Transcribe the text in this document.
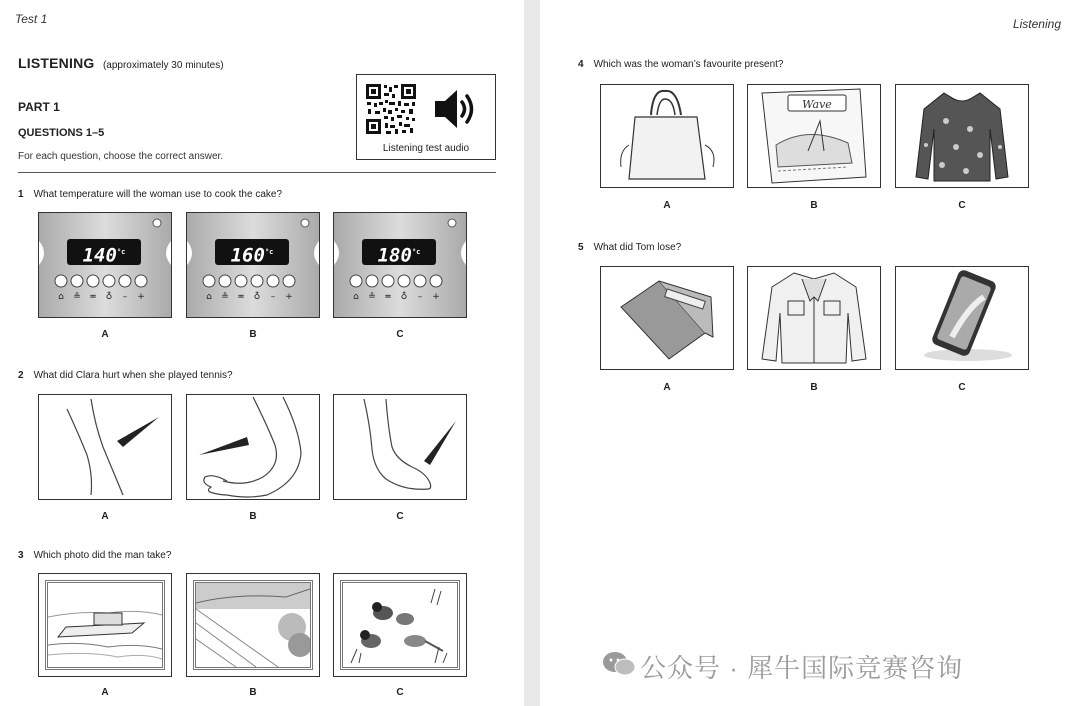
Test 1
LISTENING (approximately 30 minutes)
PART 1
QUESTIONS 1–5
For each question, choose the correct answer.
Listening test audio
1 What temperature will the woman use to cook the cake?
⌂ ≗ ≖ ♁ – +
$140^{^\circ c}$
⌂ ≗ ≖ ♁ – +
$160^{^\circ c}$
⌂ ≗ ≖ ♁ – +
$180^{^\circ c}$
A	B	C
2 What did Clara hurt when she played tennis?
A	B	C
3 Which photo did the man take?
A	B	C
Listening
4 Which was the woman’s favourite present?
Wave
A	B	C
5 What did Tom lose?
A	B	C
公众号 · 犀牛国际竞赛咨询
